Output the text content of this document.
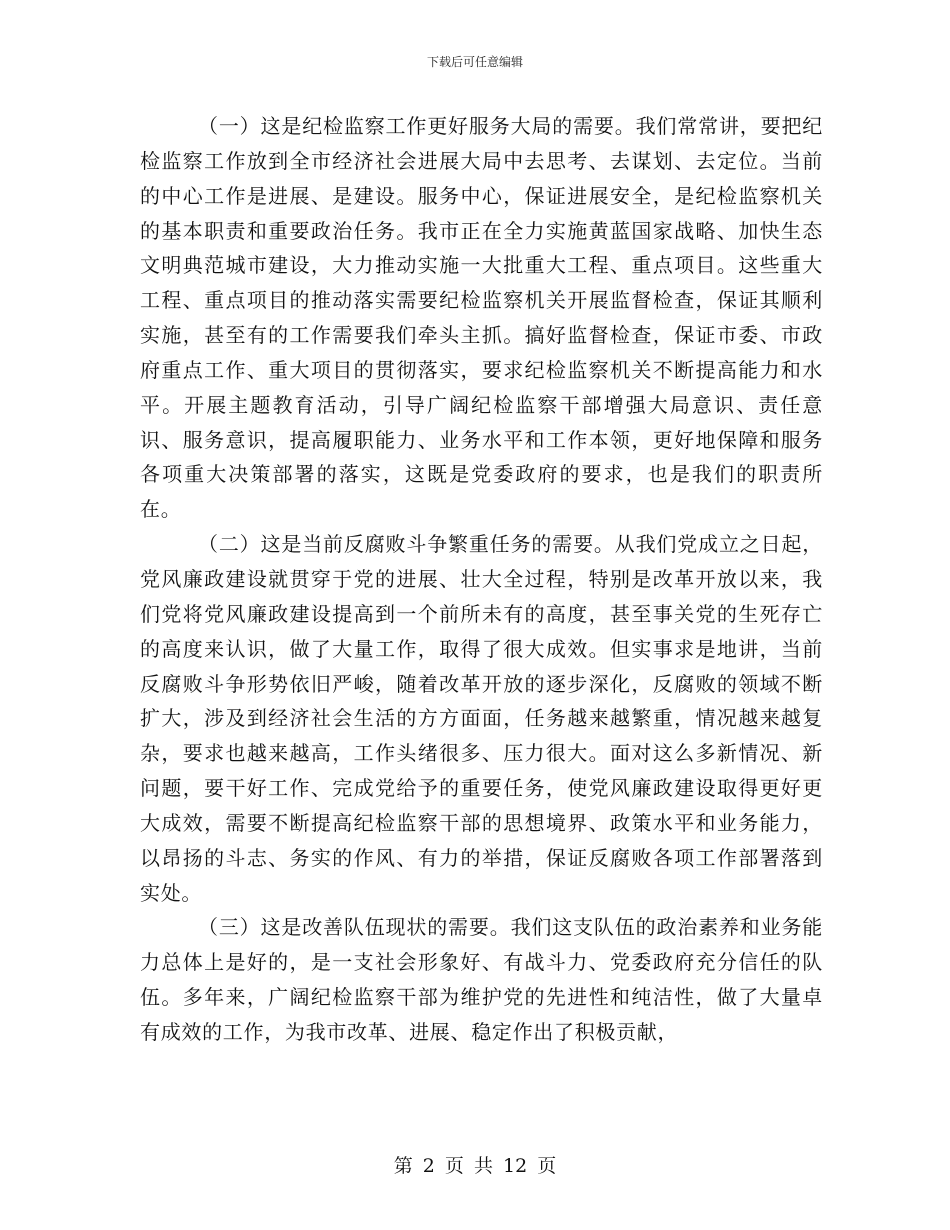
下载后可任意编辑

（一）这是纪检监察工作更好服务大局的需要。我们常常讲，要把纪检监察工作放到全市经济社会进展大局中去思考、去谋划、去定位。当前的中心工作是进展、是建设。服务中心，保证进展安全，是纪检监察机关的基本职责和重要政治任务。我市正在全力实施黄蓝国家战略、加快生态文明典范城市建设，大力推动实施一大批重大工程、重点项目。这些重大工程、重点项目的推动落实需要纪检监察机关开展监督检查，保证其顺利实施，甚至有的工作需要我们牵头主抓。搞好监督检查，保证市委、市政府重点工作、重大项目的贯彻落实，要求纪检监察机关不断提高能力和水平。开展主题教育活动，引导广阔纪检监察干部增强大局意识、责任意识、服务意识，提高履职能力、业务水平和工作本领，更好地保障和服务各项重大决策部署的落实，这既是党委政府的要求，也是我们的职责所在。

（二）这是当前反腐败斗争繁重任务的需要。从我们党成立之日起，党风廉政建设就贯穿于党的进展、壮大全过程，特别是改革开放以来，我们党将党风廉政建设提高到一个前所未有的高度，甚至事关党的生死存亡的高度来认识，做了大量工作，取得了很大成效。但实事求是地讲，当前反腐败斗争形势依旧严峻，随着改革开放的逐步深化，反腐败的领域不断扩大，涉及到经济社会生活的方方面面，任务越来越繁重，情况越来越复杂，要求也越来越高，工作头绪很多、压力很大。面对这么多新情况、新问题，要干好工作、完成党给予的重要任务，使党风廉政建设取得更好更大成效，需要不断提高纪检监察干部的思想境界、政策水平和业务能力，以昂扬的斗志、务实的作风、有力的举措，保证反腐败各项工作部署落到实处。

（三）这是改善队伍现状的需要。我们这支队伍的政治素养和业务能力总体上是好的，是一支社会形象好、有战斗力、党委政府充分信任的队伍。多年来，广阔纪检监察干部为维护党的先进性和纯洁性，做了大量卓有成效的工作，为我市改革、进展、稳定作出了积极贡献，

第 2 页 共 12 页
